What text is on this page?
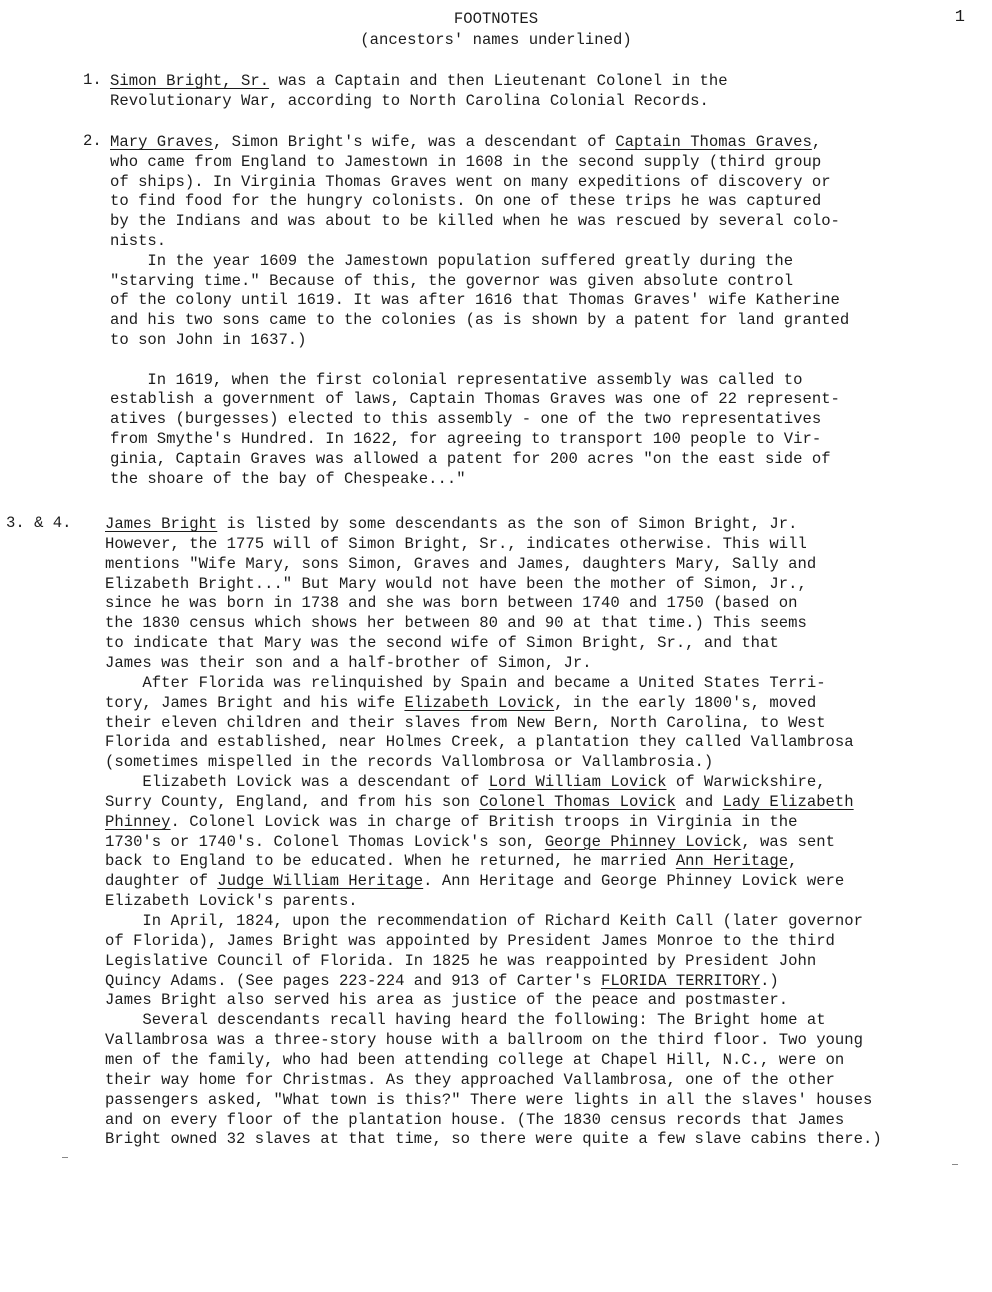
FOOTNOTES
(ancestors' names underlined)
1
1. Simon Bright, Sr. was a Captain and then Lieutenant Colonel in the
Revolutionary War, according to North Carolina Colonial Records.
2. Mary Graves, Simon Bright's wife, was a descendant of Captain Thomas Graves,
who came from England to Jamestown in 1608 in the second supply (third group
of ships). In Virginia Thomas Graves went on many expeditions of discovery or
to find food for the hungry colonists. On one of these trips he was captured
by the Indians and was about to be killed when he was rescued by several colo-
nists.
In the year 1609 the Jamestown population suffered greatly during the
"starving time." Because of this, the governor was given absolute control
of the colony until 1619. It was after 1616 that Thomas Graves' wife Katherine
and his two sons came to the colonies (as is shown by a patent for land granted
to son John in 1637.)
In 1619, when the first colonial representative assembly was called to
establish a government of laws, Captain Thomas Graves was one of 22 represent-
atives (burgesses) elected to this assembly - one of the two representatives
from Smythe's Hundred. In 1622, for agreeing to transport 100 people to Vir-
ginia, Captain Graves was allowed a patent for 200 acres "on the east side of
the shoare of the bay of Chespeake..."
3. & 4. James Bright is listed by some descendants as the son of Simon Bright, Jr.
However, the 1775 will of Simon Bright, Sr., indicates otherwise. This will
mentions "Wife Mary, sons Simon, Graves and James, daughters Mary, Sally and
Elizabeth Bright..." But Mary would not have been the mother of Simon, Jr.,
since he was born in 1738 and she was born between 1740 and 1750 (based on
the 1830 census which shows her between 80 and 90 at that time.) This seems
to indicate that Mary was the second wife of Simon Bright, Sr., and that
James was their son and a half-brother of Simon, Jr.
After Florida was relinquished by Spain and became a United States Terri-
tory, James Bright and his wife Elizabeth Lovick, in the early 1800's, moved
their eleven children and their slaves from New Bern, North Carolina, to West
Florida and established, near Holmes Creek, a plantation they called Vallambrosa
(sometimes mispelled in the records Vallombrosa or Vallambrosia.)
Elizabeth Lovick was a descendant of Lord William Lovick of Warwickshire,
Surry County, England, and from his son Colonel Thomas Lovick and Lady Elizabeth
Phinney. Colonel Lovick was in charge of British troops in Virginia in the
1730's or 1740's. Colonel Thomas Lovick's son, George Phinney Lovick, was sent
back to England to be educated. When he returned, he married Ann Heritage,
daughter of Judge William Heritage. Ann Heritage and George Phinney Lovick were
Elizabeth Lovick's parents.
In April, 1824, upon the recommendation of Richard Keith Call (later governor
of Florida), James Bright was appointed by President James Monroe to the third
Legislative Council of Florida. In 1825 he was reappointed by President John
Quincy Adams. (See pages 223-224 and 913 of Carter's FLORIDA TERRITORY.)
James Bright also served his area as justice of the peace and postmaster.
Several descendants recall having heard the following: The Bright home at
Vallambrosa was a three-story house with a ballroom on the third floor. Two young
men of the family, who had been attending college at Chapel Hill, N.C., were on
their way home for Christmas. As they approached Vallambrosa, one of the other
passengers asked, "What town is this?" There were lights in all the slaves' houses
and on every floor of the plantation house. (The 1830 census records that James
Bright owned 32 slaves at that time, so there were quite a few slave cabins there.)
